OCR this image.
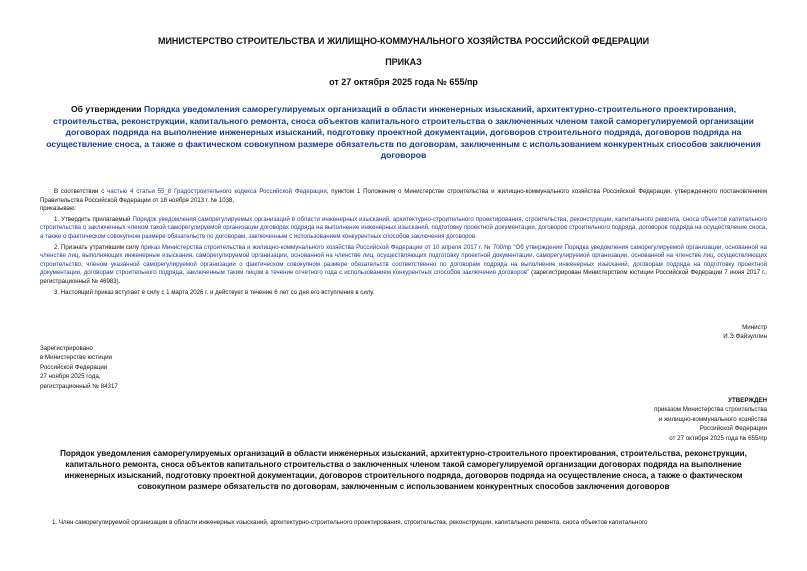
МИНИСТЕРСТВО СТРОИТЕЛЬСТВА И ЖИЛИЩНО-КОММУНАЛЬНОГО ХОЗЯЙСТВА РОССИЙСКОЙ ФЕДЕРАЦИИ
ПРИКАЗ
от 27 октября 2025 года № 655/пр
Об утверждении Порядка уведомления саморегулируемых организаций в области инженерных изысканий, архитектурно-строительного проектирования, строительства, реконструкции, капитального ремонта, сноса объектов капитального строительства о заключенных членом такой саморегулируемой организации договорах подряда на выполнение инженерных изысканий, подготовку проектной документации, договоров строительного подряда, договоров подряда на осуществление сноса, а также о фактическом совокупном размере обязательств по договорам, заключенным с использованием конкурентных способов заключения договоров

В соответствии с частью 4 статьи 55_8 Градостроительного кодекса Российской Федерации, пунктом 1 Положения о Министерстве строительства и жилищно-коммунального хозяйства Российской Федерации, утвержденного постановлением Правительства Российской Федерации от 18 ноября 2013 г. № 1038,

приказываю:

1. Утвердить прилагаемый Порядок уведомления саморегулируемых организаций в области инженерных изысканий, архитектурно-строительного проектирования, строительства, реконструкции, капитального ремонта, сноса объектов капитального строительства о заключенных членом такой саморегулируемой организации договорах подряда на выполнение инженерных изысканий, подготовку проектной документации, договоров строительного подряда, договоров подряда на осуществление сноса, а также о фактическом совокупном размере обязательств по договорам, заключенным с использованием конкурентных способов заключения договоров.

2. Признать утратившим силу приказ Министерства строительства и жилищно-коммунального хозяйства Российской Федерации от 10 апреля 2017 г. № 700/пр "Об утверждении Порядка уведомления саморегулируемой организации, основанной на членстве лиц, выполняющих инженерные изыскания, саморегулируемой организации, основанной на членстве лиц, осуществляющих подготовку проектной документации, саморегулируемой организации, основанной на членстве лиц, осуществляющих строительство, членом указанной саморегулируемой организации о фактическом совокупном размере обязательств соответственно по договорам подряда на выполнение инженерных изысканий, договорам подряда на подготовку проектной документации, договорам строительного подряда, заключенным таким лицом в течение отчетного года с использованием конкурентных способов заключения договоров" (зарегистрирован Министерством юстиции Российской Федерации 7 июня 2017 г., регистрационный № 46983).

3. Настоящий приказ вступает в силу с 1 марта 2026 г. и действует в течение 6 лет со дня его вступления в силу.

Министр
И.Э.Файзуллин
Зарегистрировано
в Министерстве юстиции
Российской Федерации
27 ноября 2025 года,
регистрационный № 84317
УТВЕРЖДЕН
приказом Министерства строительства
и жилищно-коммунального хозяйства
Российской Федерации
от 27 октября 2025 года № 655/пр
Порядок уведомления саморегулируемых организаций в области инженерных изысканий, архитектурно-строительного проектирования, строительства, реконструкции, капитального ремонта, сноса объектов капитального строительства о заключенных членом такой саморегулируемой организации договорах подряда на выполнение инженерных изысканий, подготовку проектной документации, договоров строительного подряда, договоров подряда на осуществление сноса, а также о фактическом совокупном размере обязательств по договорам, заключенным с использованием конкурентных способов заключения договоров
1. Член саморегулируемой организации в области инженерных изысканий, архитектурно-строительного проектирования, строительства, реконструкции, капитального ремонта, сноса объектов капитального
